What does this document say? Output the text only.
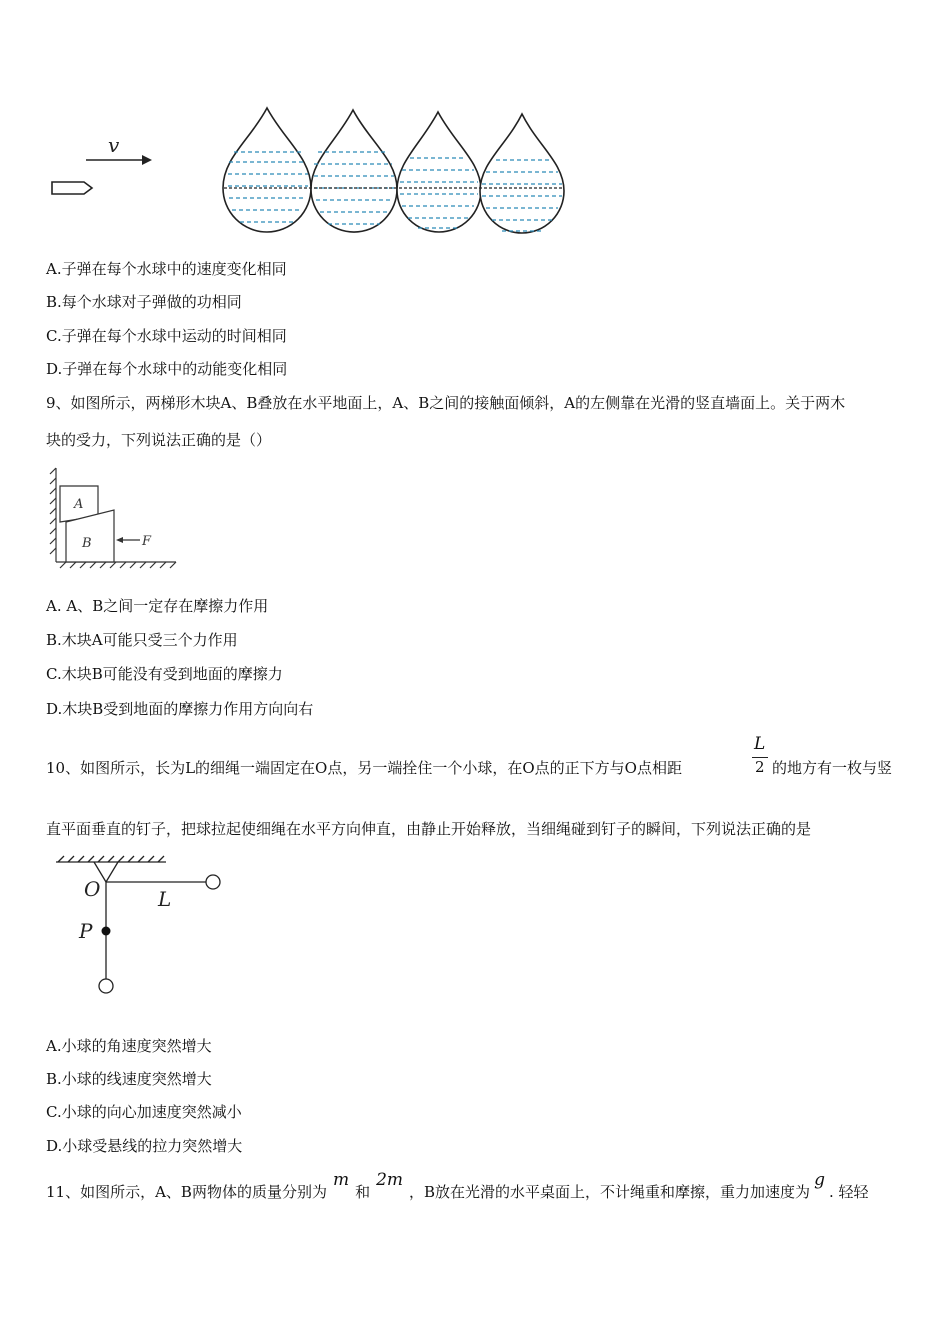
v
A.子弹在每个水球中的速度变化相同
B.每个水球对子弹做的功相同
C.子弹在每个水球中运动的时间相同
D.子弹在每个水球中的动能变化相同
9、如图所示，两梯形木块A、B叠放在水平地面上，A、B之间的接触面倾斜，A的左侧靠在光滑的竖直墙面上。关于两木
块的受力，下列说法正确的是（）
A
B	F
A. A、B之间一定存在摩擦力作用
B.木块A可能只受三个力作用
C.木块B可能没有受到地面的摩擦力
D.木块B受到地面的摩擦力作用方向向右
10、如图所示，长为L的细绳一端固定在O点，另一端拴住一个小球，在O点的正下方与O点相距
L
2 的地方有一枚与竖
直平面垂直的钉子，把球拉起使细绳在水平方向伸直，由静止开始释放，当细绳碰到钉子的瞬间，下列说法正确的是
O	L
P
A.小球的角速度突然增大
B.小球的线速度突然增大
C.小球的向心加速度突然减小
D.小球受悬线的拉力突然增大
11、如图所示，A、B两物体的质量分别为m和2m，B放在光滑的水平桌面上，不计绳重和摩擦，重力加速度为g. 轻轻
